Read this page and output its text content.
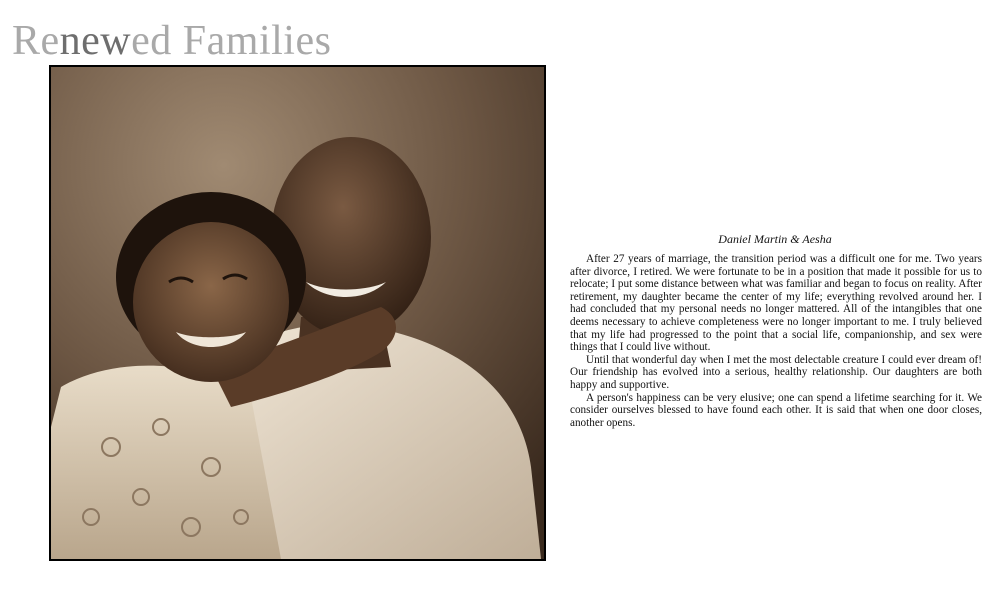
Renewed Families
Daniel Martin & Aesha

After 27 years of marriage, the transition period was a difficult one for me. Two years after divorce, I retired. We were fortunate to be in a position that made it possible for us to relocate; I put some distance between what was familiar and began to focus on reality. After retirement, my daughter became the center of my life; everything revolved around her. I had concluded that my personal needs no longer mattered. All of the intangibles that one deems necessary to achieve completeness were no longer important to me. I truly believed that my life had progressed to the point that a social life, companionship, and sex were things that I could live without.

Until that wonderful day when I met the most delectable creature I could ever dream of! Our friendship has evolved into a serious, healthy relationship. Our daughters are both happy and supportive.

A person's happiness can be very elusive; one can spend a lifetime searching for it. We consider ourselves blessed to have found each other. It is said that when one door closes, another opens.
